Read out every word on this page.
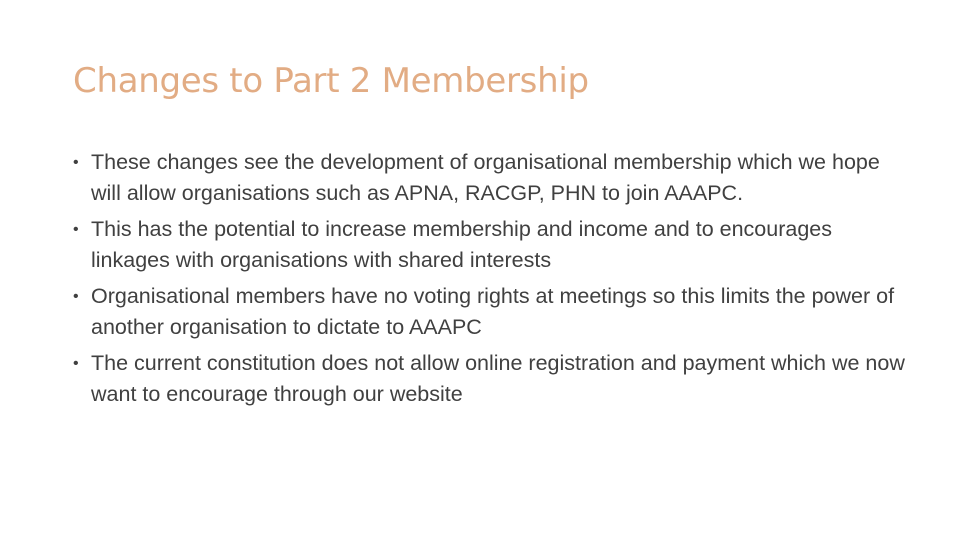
Changes to Part 2 Membership
• These changes see the development of organisational membership which we hope will allow organisations such as APNA, RACGP, PHN to join AAAPC.
• This has the potential to increase membership and income and to encourages linkages with organisations with shared interests
• Organisational members have no voting rights at meetings so this limits the power of another organisation to dictate to AAAPC
• The current constitution does not allow online registration and payment which we now want to encourage through our website
